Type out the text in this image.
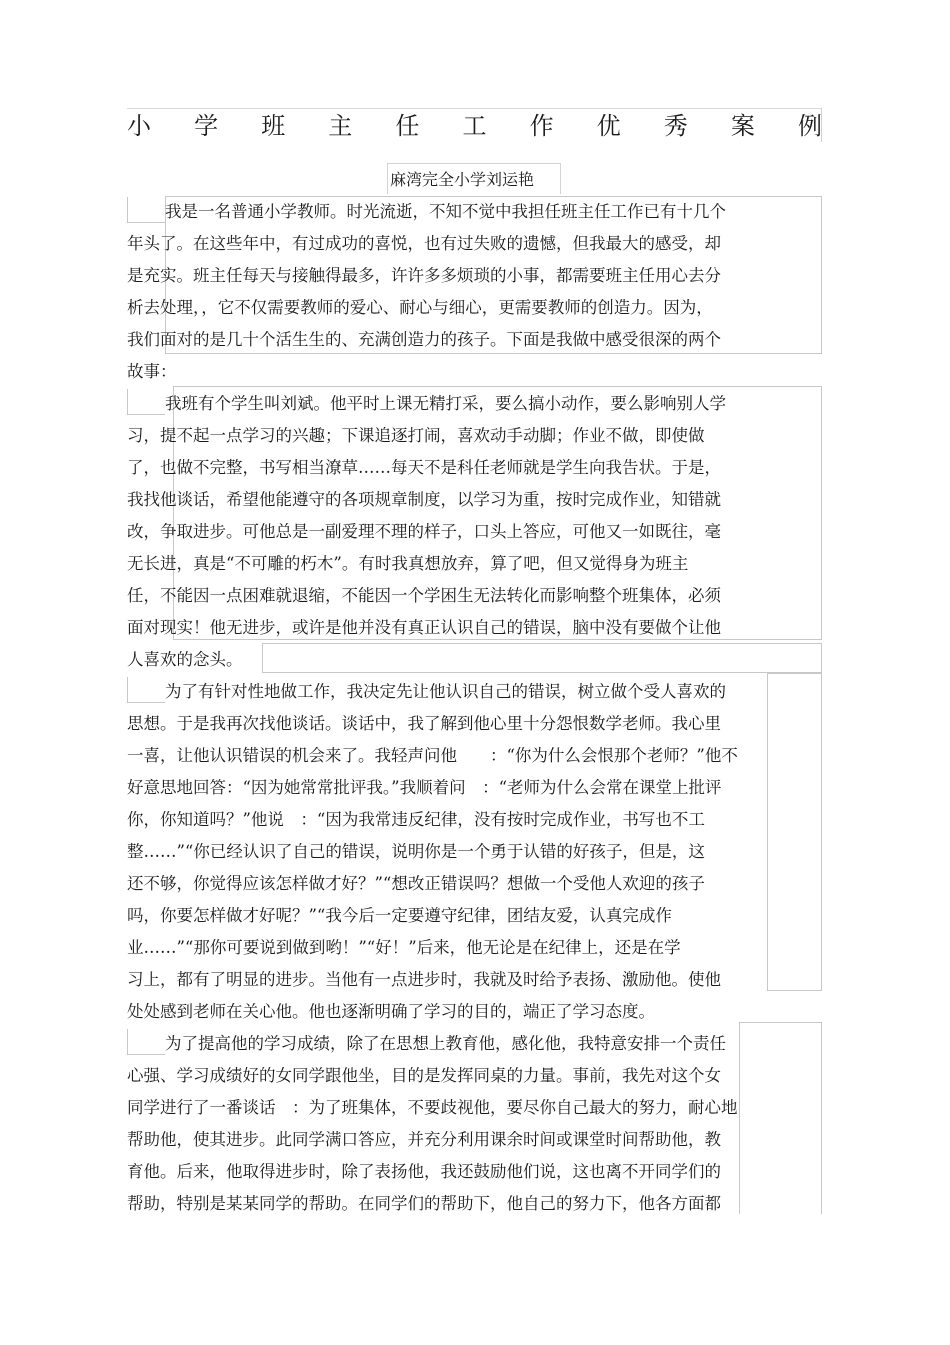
小 学 班 主 任 工 作 优 秀 案 例
麻湾完全小学刘运艳
我是一名普通小学教师。时光流逝，不知不觉中我担任班主任工作已有十几个
年头了。在这些年中，有过成功的喜悦，也有过失败的遗憾，但我最大的感受，却
是充实。班主任每天与接触得最多，许许多多烦琐的小事，都需要班主任用心去分
析去处理，，它不仅需要教师的爱心、耐心与细心，更需要教师的创造力。因为，
我们面对的是几十个活生生的、充满创造力的孩子。下面是我做中感受很深的两个
故事：
我班有个学生叫刘斌。他平时上课无精打采，要么搞小动作，要么影响别人学
习，提不起一点学习的兴趣；下课追逐打闹，喜欢动手动脚；作业不做，即使做
了，也做不完整，书写相当潦草……每天不是科任老师就是学生向我告状。于是，
我找他谈话，希望他能遵守的各项规章制度，以学习为重，按时完成作业，知错就
改，争取进步。可他总是一副爱理不理的样子，口头上答应，可他又一如既往，毫
无长进，真是“不可雕的朽木”。有时我真想放弃，算了吧，但又觉得身为班主
任，不能因一点困难就退缩，不能因一个学困生无法转化而影响整个班集体，必须
面对现实！他无进步，或许是他并没有真正认识自己的错误，脑中没有要做个让他
人喜欢的念头。
为了有针对性地做工作，我决定先让他认识自己的错误，树立做个受人喜欢的
思想。于是我再次找他谈话。谈话中，我了解到他心里十分怨恨数学老师。我心里
一喜，让他认识错误的机会来了。我轻声问他　　：“你为什么会恨那个老师？”他不
好意思地回答：“因为她常常批评我。”我顺着问　：“老师为什么会常在课堂上批评
你，你知道吗？”他说　：“因为我常违反纪律，没有按时完成作业，书写也不工
整……”“你已经认识了自己的错误，说明你是一个勇于认错的好孩子，但是，这
还不够，你觉得应该怎样做才好？”“想改正错误吗？想做一个受他人欢迎的孩子
吗，你要怎样做才好呢？”“我今后一定要遵守纪律，团结友爱，认真完成作
业……”“那你可要说到做到哟！”“好！”后来，他无论是在纪律上，还是在学
习上，都有了明显的进步。当他有一点进步时，我就及时给予表扬、激励他。使他
处处感到老师在关心他。他也逐渐明确了学习的目的，端正了学习态度。
为了提高他的学习成绩，除了在思想上教育他，感化他，我特意安排一个责任
心强、学习成绩好的女同学跟他坐，目的是发挥同桌的力量。事前，我先对这个女
同学进行了一番谈话　：为了班集体，不要歧视他，要尽你自己最大的努力，耐心地
帮助他，使其进步。此同学满口答应，并充分利用课余时间或课堂时间帮助他，教
育他。后来，他取得进步时，除了表扬他，我还鼓励他们说，这也离不开同学们的
帮助，特别是某某同学的帮助。在同学们的帮助下，他自己的努力下，他各方面都
